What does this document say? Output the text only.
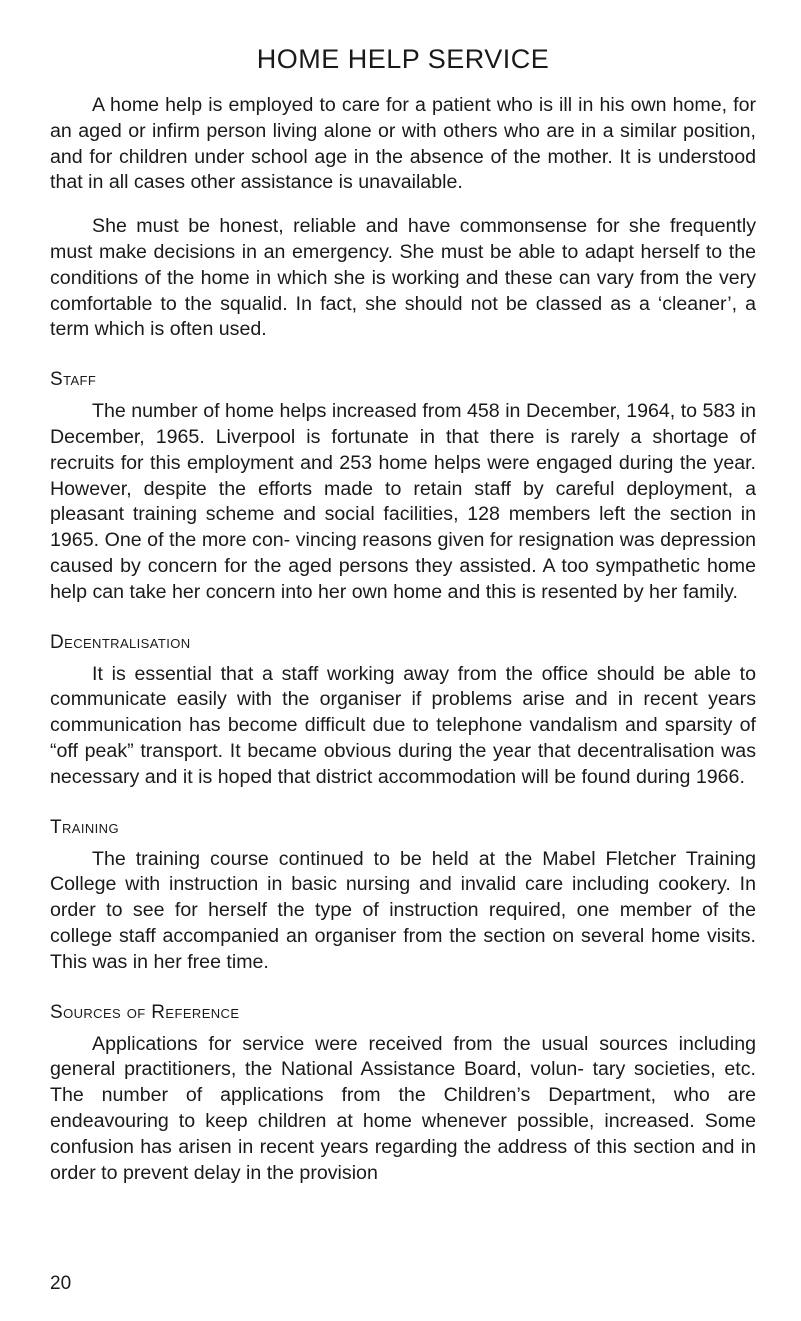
HOME HELP SERVICE

A home help is employed to care for a patient who is ill in his own home, for an aged or infirm person living alone or with others who are in a similar position, and for children under school age in the absence of the mother. It is understood that in all cases other assistance is unavailable.

She must be honest, reliable and have commonsense for she frequently must make decisions in an emergency. She must be able to adapt herself to the conditions of the home in which she is working and these can vary from the very comfortable to the squalid. In fact, she should not be classed as a ‘cleaner’, a term which is often used.

Staff

The number of home helps increased from 458 in December, 1964, to 583 in December, 1965. Liverpool is fortunate in that there is rarely a shortage of recruits for this employment and 253 home helps were engaged during the year. However, despite the efforts made to retain staff by careful deployment, a pleasant training scheme and social facilities, 128 members left the section in 1965. One of the more con- vincing reasons given for resignation was depression caused by concern for the aged persons they assisted. A too sympathetic home help can take her concern into her own home and this is resented by her family.

Decentralisation

It is essential that a staff working away from the office should be able to communicate easily with the organiser if problems arise and in recent years communication has become difficult due to telephone vandalism and sparsity of “off peak” transport. It became obvious during the year that decentralisation was necessary and it is hoped that district accommodation will be found during 1966.

Training

The training course continued to be held at the Mabel Fletcher Training College with instruction in basic nursing and invalid care including cookery. In order to see for herself the type of instruction required, one member of the college staff accompanied an organiser from the section on several home visits. This was in her free time.

Sources of Reference

Applications for service were received from the usual sources including general practitioners, the National Assistance Board, volun- tary societies, etc. The number of applications from the Children’s Department, who are endeavouring to keep children at home whenever possible, increased. Some confusion has arisen in recent years regarding the address of this section and in order to prevent delay in the provision

20
